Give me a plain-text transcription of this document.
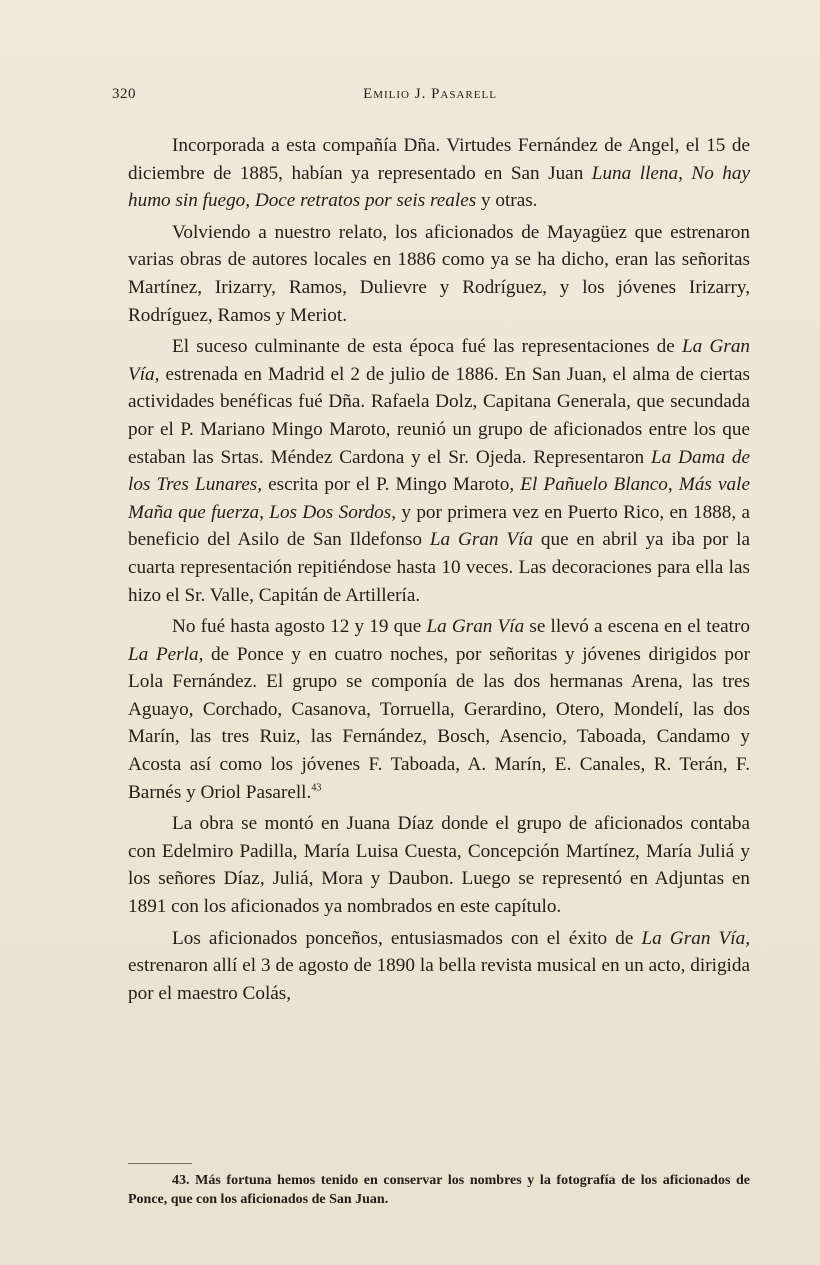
320	Emilio J. Pasarell

Incorporada a esta compañía Dña. Virtudes Fernández de Angel, el 15 de diciembre de 1885, habían ya representado en San Juan Luna llena, No hay humo sin fuego, Doce retratos por seis reales y otras.

Volviendo a nuestro relato, los aficionados de Mayagüez que estrenaron varias obras de autores locales en 1886 como ya se ha dicho, eran las señoritas Martínez, Irizarry, Ramos, Dulievre y Rodríguez, y los jóvenes Irizarry, Rodríguez, Ramos y Meriot.

El suceso culminante de esta época fué las representaciones de La Gran Vía, estrenada en Madrid el 2 de julio de 1886. En San Juan, el alma de ciertas actividades benéficas fué Dña. Rafaela Dolz, Capitana Generala, que secundada por el P. Mariano Mingo Maroto, reunió un grupo de aficionados entre los que estaban las Srtas. Méndez Cardona y el Sr. Ojeda. Representaron La Dama de los Tres Lunares, escrita por el P. Mingo Maroto, El Pañuelo Blanco, Más vale Maña que fuerza, Los Dos Sordos, y por primera vez en Puerto Rico, en 1888, a beneficio del Asilo de San Ildefonso La Gran Vía que en abril ya iba por la cuarta representación repitiéndose hasta 10 veces. Las decoraciones para ella las hizo el Sr. Valle, Capitán de Artillería.

No fué hasta agosto 12 y 19 que La Gran Vía se llevó a escena en el teatro La Perla, de Ponce y en cuatro noches, por señoritas y jóvenes dirigidos por Lola Fernández. El grupo se componía de las dos hermanas Arena, las tres Aguayo, Corchado, Casanova, Torruella, Gerardino, Otero, Mondelí, las dos Marín, las tres Ruiz, las Fernández, Bosch, Asencio, Taboada, Candamo y Acosta así como los jóvenes F. Taboada, A. Marín, E. Canales, R. Terán, F. Barnés y Oriol Pasarell.$^{43}$

La obra se montó en Juana Díaz donde el grupo de aficionados contaba con Edelmiro Padilla, María Luisa Cuesta, Concepción Martínez, María Juliá y los señores Díaz, Juliá, Mora y Daubon. Luego se representó en Adjuntas en 1891 con los aficionados ya nombrados en este capítulo.

Los aficionados ponceños, entusiasmados con el éxito de La Gran Vía, estrenaron allí el 3 de agosto de 1890 la bella revista musical en un acto, dirigida por el maestro Colás,

43. Más fortuna hemos tenido en conservar los nombres y la fotografía de los aficionados de Ponce, que con los aficionados de San Juan.
